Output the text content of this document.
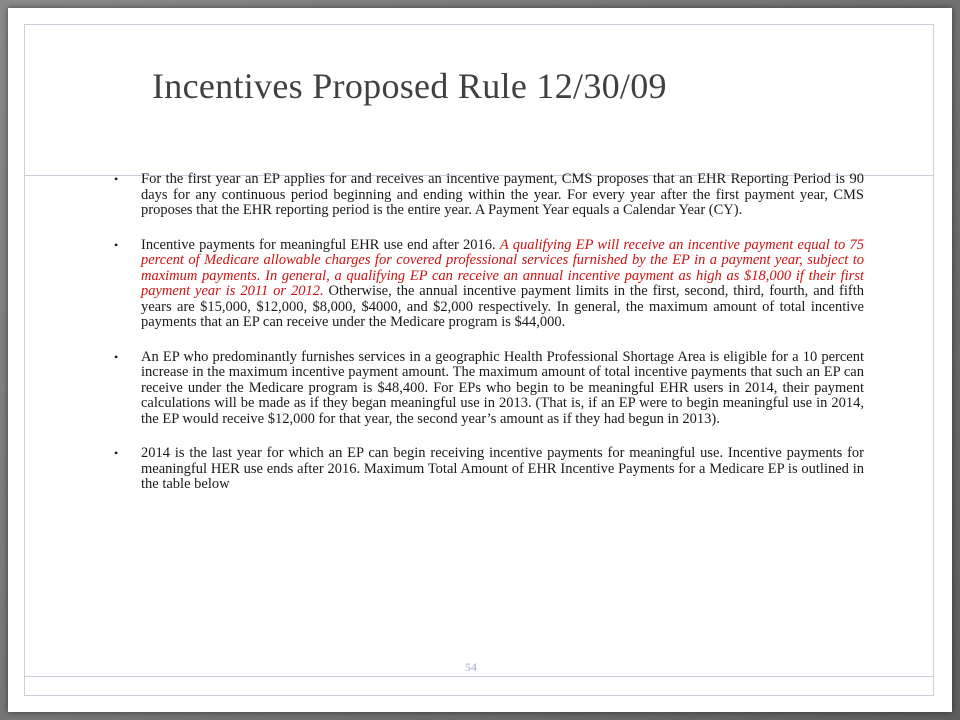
Incentives Proposed Rule 12/30/09
• For the first year an EP applies for and receives an incentive payment, CMS proposes that an EHR Reporting Period is 90 days for any continuous period beginning and ending within the year. For every year after the first payment year, CMS proposes that the EHR reporting period is the entire year. A Payment Year equals a Calendar Year (CY).
• Incentive payments for meaningful EHR use end after 2016. A qualifying EP will receive an incentive payment equal to 75 percent of Medicare allowable charges for covered professional services furnished by the EP in a payment year, subject to maximum payments. In general, a qualifying EP can receive an annual incentive payment as high as $18,000 if their first payment year is 2011 or 2012. Otherwise, the annual incentive payment limits in the first, second, third, fourth, and fifth years are $15,000, $12,000, $8,000, $4000, and $2,000 respectively. In general, the maximum amount of total incentive payments that an EP can receive under the Medicare program is $44,000.
• An EP who predominantly furnishes services in a geographic Health Professional Shortage Area is eligible for a 10 percent increase in the maximum incentive payment amount. The maximum amount of total incentive payments that such an EP can receive under the Medicare program is $48,400. For EPs who begin to be meaningful EHR users in 2014, their payment calculations will be made as if they began meaningful use in 2013. (That is, if an EP were to begin meaningful use in 2014, the EP would receive $12,000 for that year, the second year’s amount as if they had begun in 2013).
• 2014 is the last year for which an EP can begin receiving incentive payments for meaningful use. Incentive payments for meaningful HER use ends after 2016. Maximum Total Amount of EHR Incentive Payments for a Medicare EP is outlined in the table below
54
